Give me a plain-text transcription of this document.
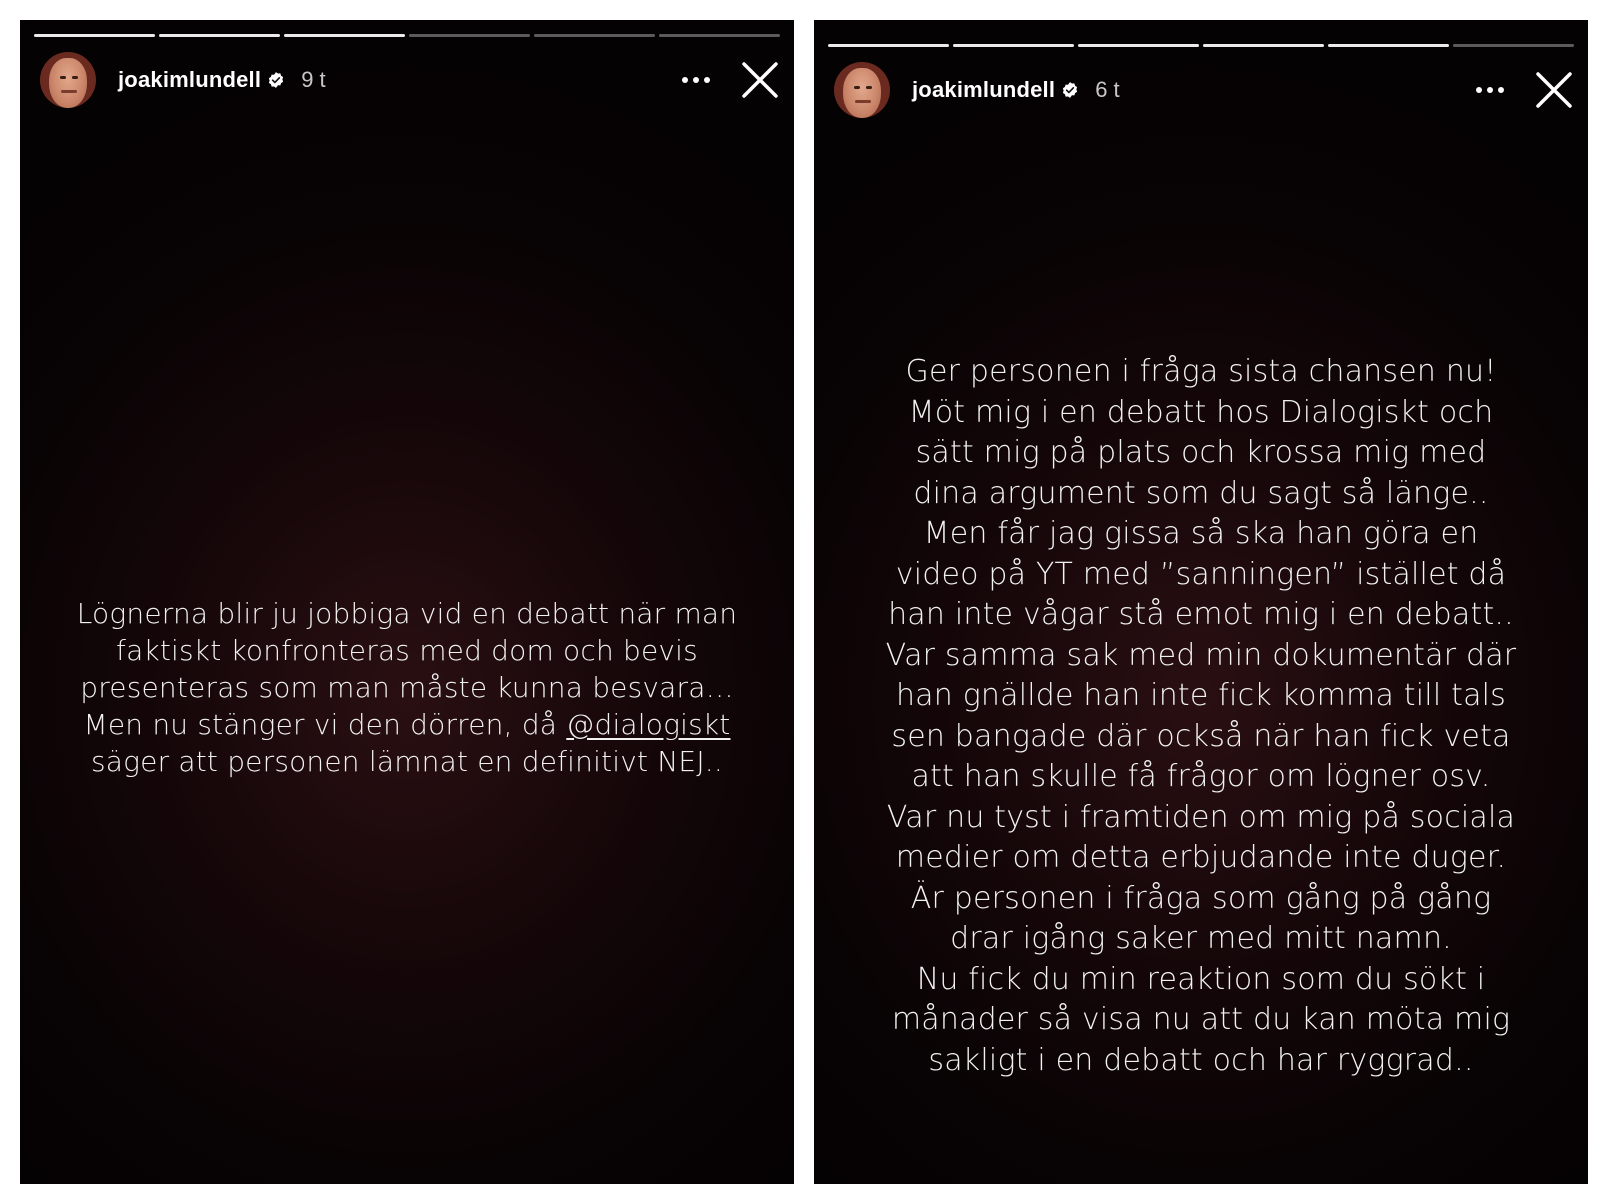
joakimlundell 9 t
Lögnerna blir ju jobbiga vid en debatt när man
faktiskt konfronteras med dom och bevis
presenteras som man måste kunna besvara…
Men nu stänger vi den dörren, då @dialogiskt
säger att personen lämnat en definitivt NEJ..
joakimlundell 6 t
Ger personen i fråga sista chansen nu!
Möt mig i en debatt hos Dialogiskt och
sätt mig på plats och krossa mig med
dina argument som du sagt så länge..
Men får jag gissa så ska han göra en
video på YT med ”sanningen” istället då
han inte vågar stå emot mig i en debatt..
Var samma sak med min dokumentär där
han gnällde han inte fick komma till tals
sen bangade där också när han fick veta
att han skulle få frågor om lögner osv.
Var nu tyst i framtiden om mig på sociala
medier om detta erbjudande inte duger.
Är personen i fråga som gång på gång
drar igång saker med mitt namn.
Nu fick du min reaktion som du sökt i
månader så visa nu att du kan möta mig
sakligt i en debatt och har ryggrad..
